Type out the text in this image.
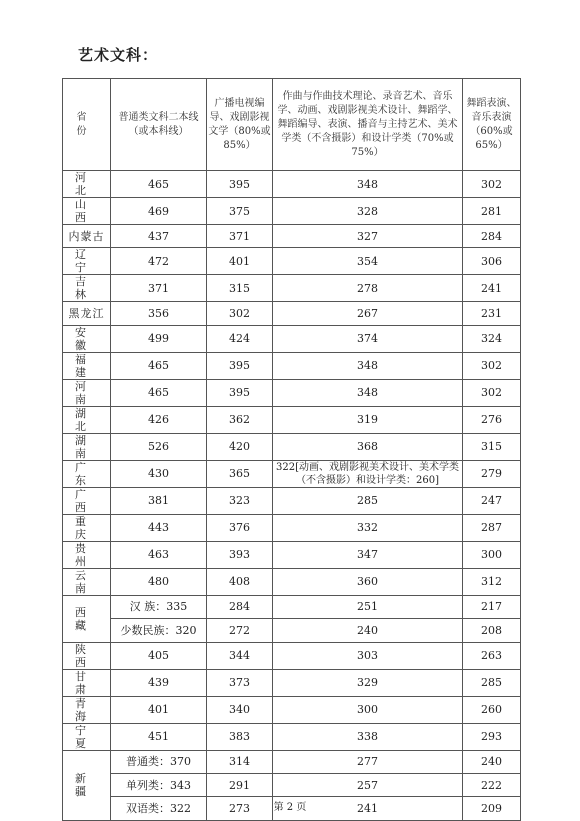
艺术文科：
省 份	普通类文科二本线（或本科线）	广播电视编导、戏剧影视文学（80%或85%）	作曲与作曲技术理论、录音艺术、音乐学、动画、戏剧影视美术设计、舞蹈学、舞蹈编导、表演、播音与主持艺术、美术学类（不含摄影）和设计学类（70%或75%）	舞蹈表演、音乐表演（60%或65%）
河 北	465	395	348	302
山 西	469	375	328	281
内蒙古	437	371	327	284
辽 宁	472	401	354	306
吉 林	371	315	278	241
黑龙江	356	302	267	231
安 徽	499	424	374	324
福 建	465	395	348	302
河 南	465	395	348	302
湖 北	426	362	319	276
湖 南	526	420	368	315
广 东	430	365	322[动画、戏剧影视美术设计、美术学类（不含摄影）和设计学类：260]	279
广 西	381	323	285	247
重 庆	443	376	332	287
贵 州	463	393	347	300
云 南	480	408	360	312
西 藏	汉 族：335	284	251	217
	少数民族：320	272	240	208
陕 西	405	344	303	263
甘 肃	439	373	329	285
青 海	401	340	300	260
宁 夏	451	383	338	293
新 疆	普通类：370	314	277	240
	单列类：343	291	257	222
	双语类：322	273	241	209
第 2 页
